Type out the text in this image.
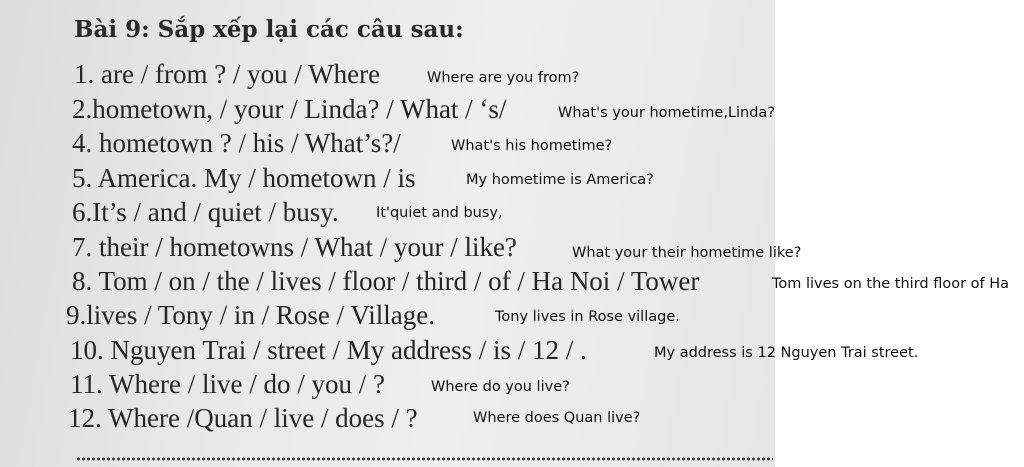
Bài 9: Sắp xếp lại các câu sau:
1. are / from ? / you / Where	Where are you from?
2.hometown, / your / Linda? / What / ‘s/	What's your hometime,Linda?
4. hometown ? / his / What’s?/	What's his hometime?
5. America. My / hometown / is	My hometime is America?
6.It’s / and / quiet / busy.	It'quiet and busy,
7. their / hometowns / What / your / like?	What your their hometime like?
8. Tom / on / the / lives / floor / third / of / Ha Noi / Tower	Tom lives on the third floor of Ha
9.lives / Tony / in / Rose / Village.	Tony lives in Rose village.
10. Nguyen Trai / street / My address / is / 12 / .	My address is 12 Nguyen Trai street.
11. Where / live / do / you / ?	Where do you live?
12. Where /Quan / live / does / ?	Where does Quan live?
